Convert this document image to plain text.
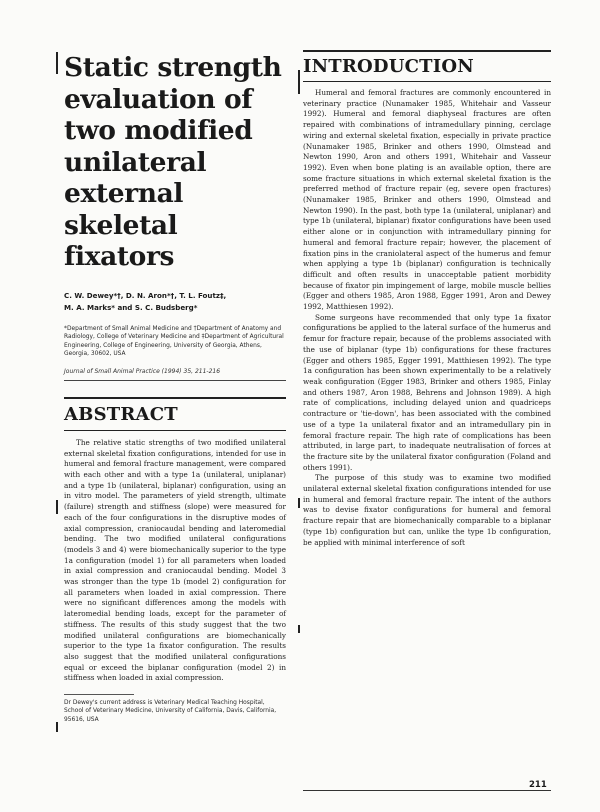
Static strength evaluation of two modified unilateral external skeletal fixators
C. W. Dewey*†, D. N. Aron*†, T. L. Foutz‡,
M. A. Marks* and S. C. Budsberg*
*Department of Small Animal Medicine and †Department of Anatomy and Radiology, College of Veterinary Medicine and ‡Department of Agricultural Engineering, College of Engineering, University of Georgia, Athens, Georgia, 30602, USA
Journal of Small Animal Practice (1994) 35, 211-216
ABSTRACT

The relative static strengths of two modified unilateral external skeletal fixation configurations, intended for use in humeral and femoral fracture management, were compared with each other and with a type 1a (unilateral, uniplanar) and a type 1b (unilateral, biplanar) configuration, using an in vitro model. The parameters of yield strength, ultimate (failure) strength and stiffness (slope) were measured for each of the four configurations in the disruptive modes of axial compression, craniocaudal bending and lateromedial bending. The two modified unilateral configurations (models 3 and 4) were biomechanically superior to the type 1a configuration (model 1) for all parameters when loaded in axial compression and craniocaudal bending. Model 3 was stronger than the type 1b (model 2) configuration for all parameters when loaded in axial compression. There were no significant differences among the models with lateromedial bending loads, except for the parameter of stiffness. The results of this study suggest that the two modified unilateral configurations are biomechanically superior to the type 1a fixator configuration. The results also suggest that the modified unilateral configurations equal or exceed the biplanar configuration (model 2) in stiffness when loaded in axial compression.

Dr Dewey's current address is Veterinary Medical Teaching Hospital, School of Veterinary Medicine, University of California, Davis, California, 95616, USA
INTRODUCTION

Humeral and femoral fractures are commonly encountered in veterinary practice (Nunamaker 1985, Whitehair and Vasseur 1992). Humeral and femoral diaphyseal fractures are often repaired with combinations of intramedullary pinning, cerclage wiring and external skeletal fixation, especially in private practice (Nunamaker 1985, Brinker and others 1990, Olmstead and Newton 1990, Aron and others 1991, Whitehair and Vasseur 1992). Even when bone plating is an available option, there are some fracture situations in which external skeletal fixation is the preferred method of fracture repair (eg, severe open fractures) (Nunamaker 1985, Brinker and others 1990, Olmstead and Newton 1990). In the past, both type 1a (unilateral, uniplanar) and type 1b (unilateral, biplanar) fixator configurations have been used either alone or in conjunction with intramedullary pinning for humeral and femoral fracture repair; however, the placement of fixation pins in the craniolateral aspect of the humerus and femur when applying a type 1b (biplanar) configuration is technically difficult and often results in unacceptable patient morbidity because of fixator pin impingement of large, mobile muscle bellies (Egger and others 1985, Aron 1988, Egger 1991, Aron and Dewey 1992, Matthiesen 1992).

Some surgeons have recommended that only type 1a fixator configurations be applied to the lateral surface of the humerus and femur for fracture repair, because of the problems associated with the use of biplanar (type 1b) configurations for these fractures (Egger and others 1985, Egger 1991, Matthiesen 1992). The type 1a configuration has been shown experimentally to be a relatively weak configuration (Egger 1983, Brinker and others 1985, Finlay and others 1987, Aron 1988, Behrens and Johnson 1989). A high rate of complications, including delayed union and quadriceps contracture or 'tie-down', has been associated with the combined use of a type 1a unilateral fixator and an intramedullary pin in femoral fracture repair. The high rate of complications has been attributed, in large part, to inadequate neutralisation of forces at the fracture site by the unilateral fixator configuration (Foland and others 1991).

The purpose of this study was to examine two modified unilateral external skeletal fixation configurations intended for use in humeral and femoral fracture repair. The intent of the authors was to devise fixator configurations for humeral and femoral fracture repair that are biomechanically comparable to a biplanar (type 1b) configuration but can, unlike the type 1b configuration, be applied with minimal interference of soft

211
